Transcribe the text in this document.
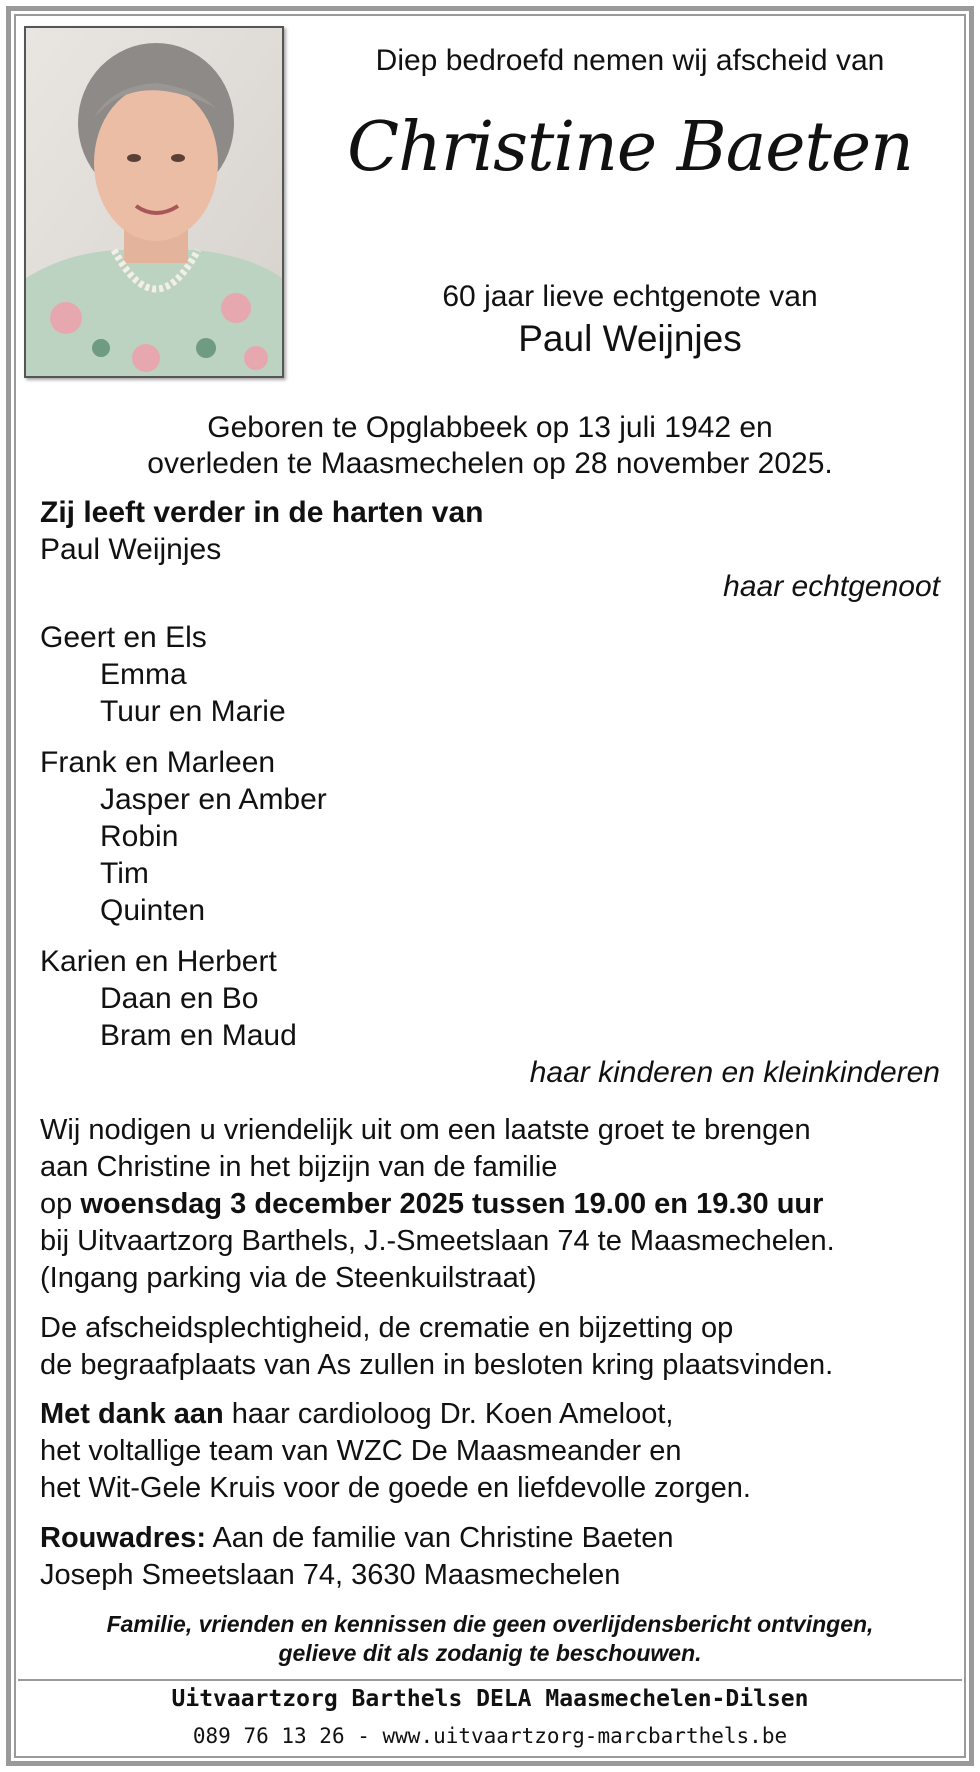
Diep bedroefd nemen wij afscheid van
Christine Baeten
60 jaar lieve echtgenote van
Paul Weijnjes
Geboren te Opglabbeek op 13 juli 1942 en
overleden te Maasmechelen op 28 november 2025.
Zij leeft verder in de harten van
Paul Weijnjes
haar echtgenoot
Geert en Els
Emma
Tuur en Marie
Frank en Marleen
Jasper en Amber
Robin
Tim
Quinten
Karien en Herbert
Daan en Bo
Bram en Maud
haar kinderen en kleinkinderen
Wij nodigen u vriendelijk uit om een laatste groet te brengen
aan Christine in het bijzijn van de familie
op woensdag 3 december 2025 tussen 19.00 en 19.30 uur
bij Uitvaartzorg Barthels, J.-Smeetslaan 74 te Maasmechelen.
(Ingang parking via de Steenkuilstraat)
De afscheidsplechtigheid, de crematie en bijzetting op
de begraafplaats van As zullen in besloten kring plaatsvinden.
Met dank aan haar cardioloog Dr. Koen Ameloot,
het voltallige team van WZC De Maasmeander en
het Wit-Gele Kruis voor de goede en liefdevolle zorgen.
Rouwadres: Aan de familie van Christine Baeten
Joseph Smeetslaan 74, 3630 Maasmechelen
Familie, vrienden en kennissen die geen overlijdensbericht ontvingen,
gelieve dit als zodanig te beschouwen.
Uitvaartzorg Barthels DELA Maasmechelen-Dilsen
089 76 13 26 - www.uitvaartzorg-marcbarthels.be
